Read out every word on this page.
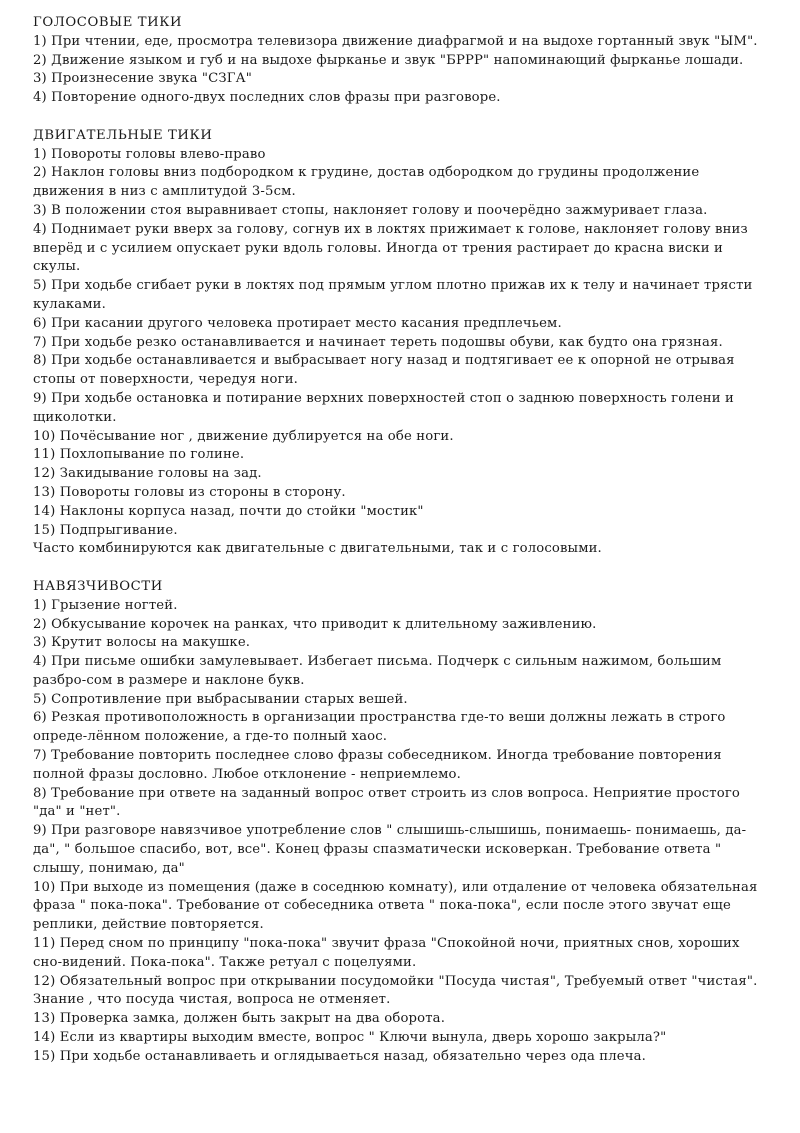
ГОЛОСОВЫЕ ТИКИ
1) При чтении, еде, просмотра телевизора движение диафрагмой и на выдохе гортанный звук "ЫМ".
2) Движение языком и губ и на выдохе фырканье и звук "БРРР" напоминающий фырканье лошади.
3) Произнесение звука "СЗГА"
4) Повторение одного-двух последних слов фразы при разговоре.
ДВИГАТЕЛЬНЫЕ ТИКИ
1) Повороты головы влево-право
2) Наклон головы вниз подбородком к грудине, достав одбородком до грудины продолжение движения в низ с амплитудой 3-5см.
3) В положении стоя выравнивает стопы, наклоняет голову и поочерёдно зажмуривает глаза.
4) Поднимает руки вверх за голову, согнув их в локтях прижимает к голове, наклоняет голову вниз вперёд и с усилием опускает руки вдоль головы. Иногда от трения растирает до красна виски и скулы.
5) При ходьбе сгибает руки в локтях под прямым углом плотно прижав их к телу и начинает трясти кулаками.
6) При касании другого человека протирает место касания предплечьем.
7) При ходьбе резко останавливается и начинает тереть подошвы обуви, как будто она грязная.
8) При ходьбе останавливается и выбрасывает ногу назад и подтягивает ее к опорной не отрывая стопы от поверхности, чередуя ноги.
9) При ходьбе остановка и потирание верхних поверхностей стоп о заднюю поверхность голени и щиколотки.
10) Почёсывание ног , движение дублируется на обе ноги.
11) Похлопывание по голине.
12) Закидывание головы на зад.
13) Повороты головы из стороны в сторону.
14) Наклоны корпуса назад, почти до стойки "мостик"
15) Подпрыгивание.

Часто комбинируются как двигательные с двигательными, так и с голосовыми.

НАВЯЗЧИВОСТИ
1) Грызение ногтей.
2) Обкусывание корочек на ранках, что приводит к длительному заживлению.
3) Крутит волосы на макушке.
4) При письме ошибки замулевывает. Избегает письма. Подчерк с сильным нажимом, большим разбро-сом в размере и наклоне букв.
5) Сопротивление при выбрасывании старых вешей.
6) Резкая противоположность в организации пространства где-то веши должны лежать в строго опреде-лённом положение, а где-то полный хаос.
7) Требование повторить последнее слово фразы собеседником. Иногда требование повторения полной фразы дословно. Любое отклонение - неприемлемо.
8) Требование при ответе на заданный вопрос ответ строить из слов вопроса. Неприятие простого "да" и "нет".
9) При разговоре навязчивое употребление слов " слышишь-слышишь, понимаешь- понимаешь, да-да", " большое спасибо, вот, все". Конец фразы спазматически исковеркан. Требование ответа " слышу, понимаю, да"
10) При выходе из помещения (даже в соседнюю комнату), или отдаление от человека обязательная фраза " пока-пока". Требование от собеседника ответа " пока-пока", если после этого звучат еще реплики, действие повторяется.
11) Перед сном по принципу "пока-пока" звучит фраза "Спокойной ночи, приятных снов, хороших сно-видений. Пока-пока". Также ретуал с поцелуями.
12) Обязательный вопрос при открывании посудомойки "Посуда чистая", Требуемый ответ "чистая". Знание , что посуда чистая, вопроса не отменяет.
13) Проверка замка, должен быть закрыт на два оборота.
14) Если из квартиры выходим вместе, вопрос " Ключи вынула, дверь хорошо закрыла?"
15) При ходьбе останавливаеть и оглядываеться назад, обязательно через ода плеча.
